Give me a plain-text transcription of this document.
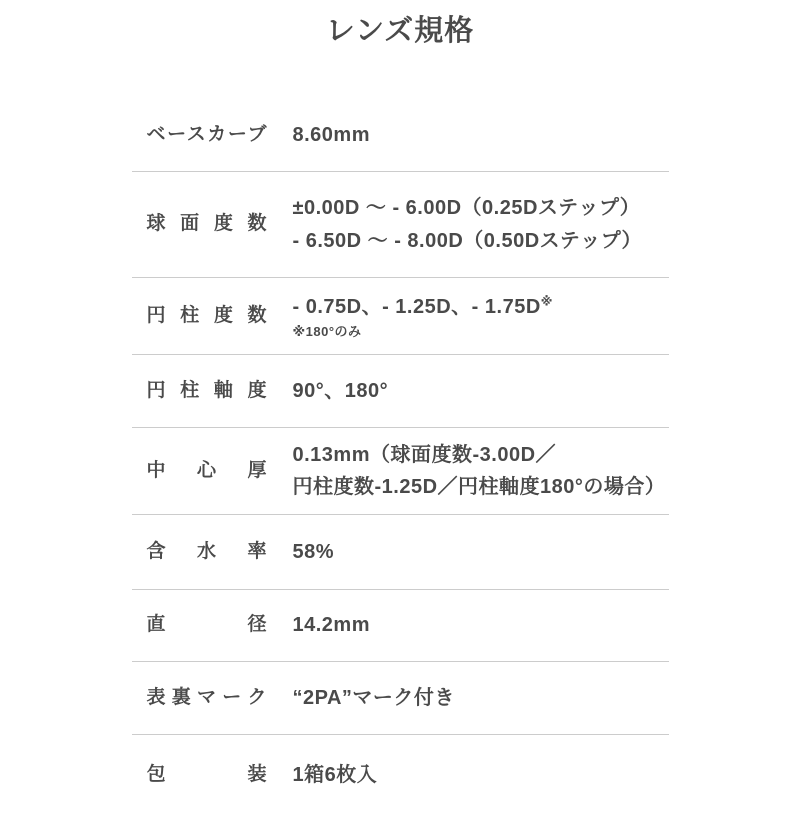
レンズ規格
ベースカーブ 8.60mm
球面度数
±0.00D ～ - 6.00D（0.25Dステップ）
- 6.50D ～ - 8.00D（0.50Dステップ）
円柱度数 - 0.75D、- 1.25D、- 1.75D※
※180°のみ
円柱軸度 90°、180°
中心厚
0.13mm（球面度数-3.00D／
円柱度数-1.25D／円柱軸度180°の場合）
含水率 58%
直径 14.2mm
表裏マーク “2PA”マーク付き
包装 1箱6枚入
